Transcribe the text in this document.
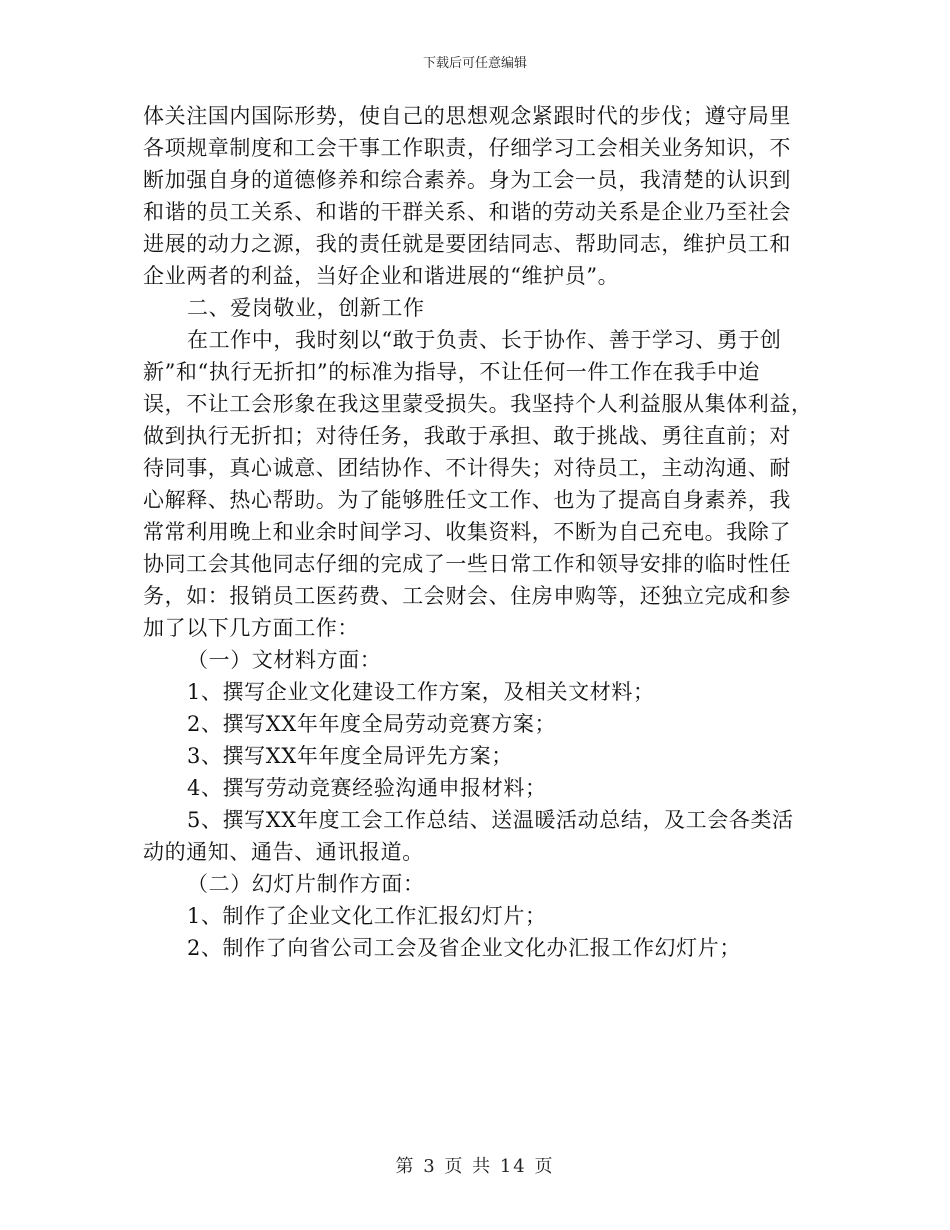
下载后可任意编辑

体关注国内国际形势，使自己的思想观念紧跟时代的步伐；遵守局里

各项规章制度和工会干事工作职责，仔细学习工会相关业务知识，不

断加强自身的道德修养和综合素养。身为工会一员，我清楚的认识到

和谐的员工关系、和谐的干群关系、和谐的劳动关系是企业乃至社会

进展的动力之源，我的责任就是要团结同志、帮助同志，维护员工和

企业两者的利益，当好企业和谐进展的“维护员”。

二、爱岗敬业，创新工作

在工作中，我时刻以“敢于负责、长于协作、善于学习、勇于创

新”和“执行无折扣”的标准为指导，不让任何一件工作在我手中迨

误，不让工会形象在我这里蒙受损失。我坚持个人利益服从集体利益，

做到执行无折扣；对待任务，我敢于承担、敢于挑战、勇往直前；对

待同事，真心诚意、团结协作、不计得失；对待员工，主动沟通、耐

心解释、热心帮助。为了能够胜任文工作、也为了提高自身素养，我

常常利用晚上和业余时间学习、收集资料，不断为自己充电。我除了

协同工会其他同志仔细的完成了一些日常工作和领导安排的临时性任

务，如：报销员工医药费、工会财会、住房申购等，还独立完成和参

加了以下几方面工作：

（一）文材料方面：

1、撰写企业文化建设工作方案，及相关文材料；

2、撰写XX年年度全局劳动竞赛方案；

3、撰写XX年年度全局评先方案；

4、撰写劳动竞赛经验沟通申报材料；

5、撰写XX年度工会工作总结、送温暖活动总结，及工会各类活

动的通知、通告、通讯报道。

（二）幻灯片制作方面：

1、制作了企业文化工作汇报幻灯片；

2、制作了向省公司工会及省企业文化办汇报工作幻灯片；

第 3 页 共 14 页
